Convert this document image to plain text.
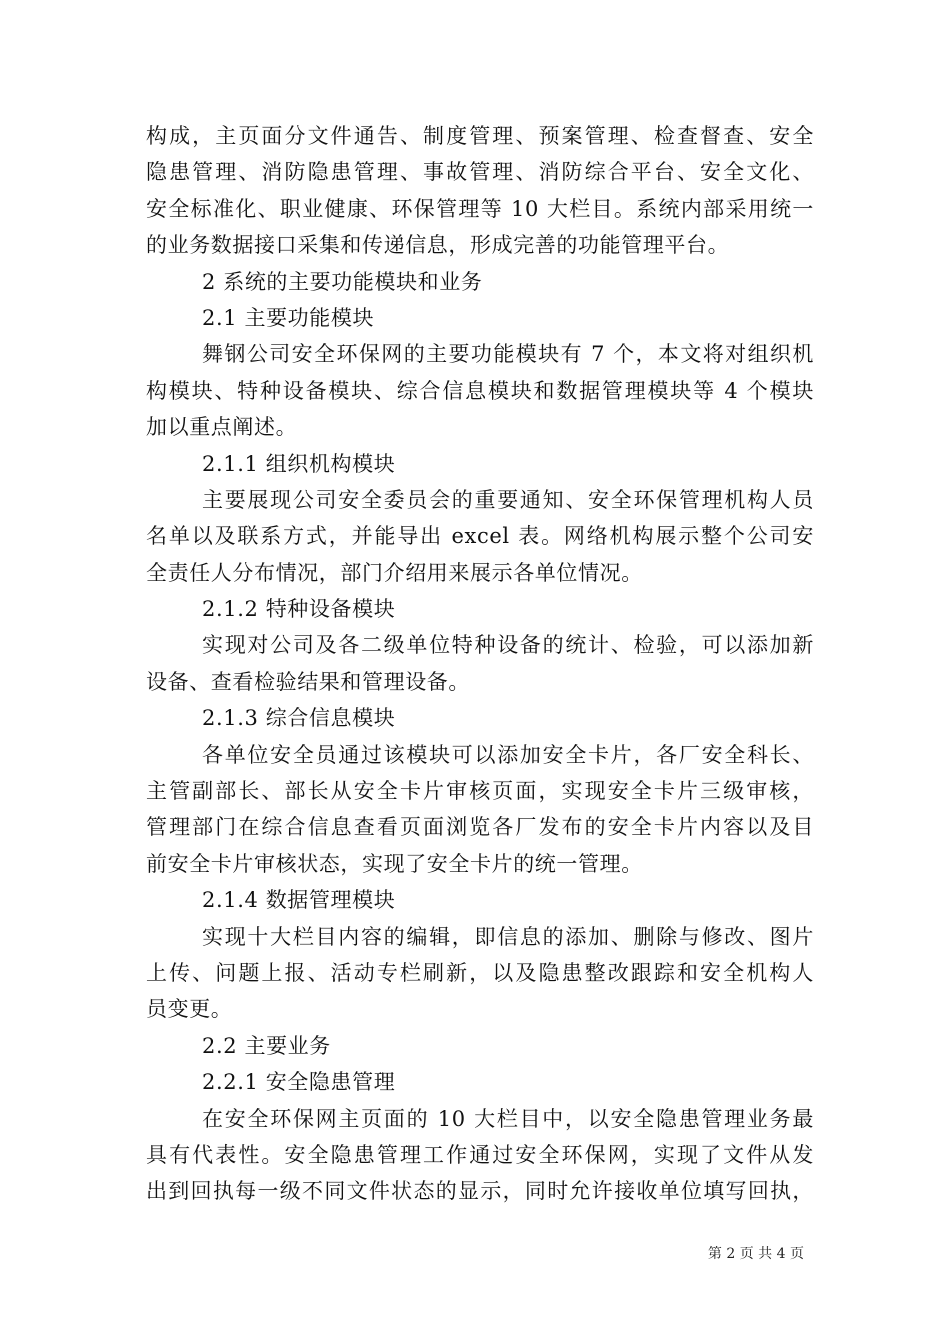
构成，主页面分文件通告、制度管理、预案管理、检查督查、安全
隐患管理、消防隐患管理、事故管理、消防综合平台、安全文化、
安全标准化、职业健康、环保管理等 10 大栏目。系统内部采用统一
的业务数据接口采集和传递信息，形成完善的功能管理平台。
2 系统的主要功能模块和业务
2.1 主要功能模块
舞钢公司安全环保网的主要功能模块有 7 个，本文将对组织机
构模块、特种设备模块、综合信息模块和数据管理模块等 4 个模块
加以重点阐述。
2.1.1 组织机构模块
主要展现公司安全委员会的重要通知、安全环保管理机构人员
名单以及联系方式，并能导出 excel 表。网络机构展示整个公司安
全责任人分布情况，部门介绍用来展示各单位情况。
2.1.2 特种设备模块
实现对公司及各二级单位特种设备的统计、检验，可以添加新
设备、查看检验结果和管理设备。
2.1.3 综合信息模块
各单位安全员通过该模块可以添加安全卡片，各厂安全科长、
主管副部长、部长从安全卡片审核页面，实现安全卡片三级审核，
管理部门在综合信息查看页面浏览各厂发布的安全卡片内容以及目
前安全卡片审核状态，实现了安全卡片的统一管理。
2.1.4 数据管理模块
实现十大栏目内容的编辑，即信息的添加、删除与修改、图片
上传、问题上报、活动专栏刷新，以及隐患整改跟踪和安全机构人
员变更。
2.2 主要业务
2.2.1 安全隐患管理
在安全环保网主页面的 10 大栏目中，以安全隐患管理业务最
具有代表性。安全隐患管理工作通过安全环保网，实现了文件从发
出到回执每一级不同文件状态的显示，同时允许接收单位填写回执，
第 2 页 共 4 页
